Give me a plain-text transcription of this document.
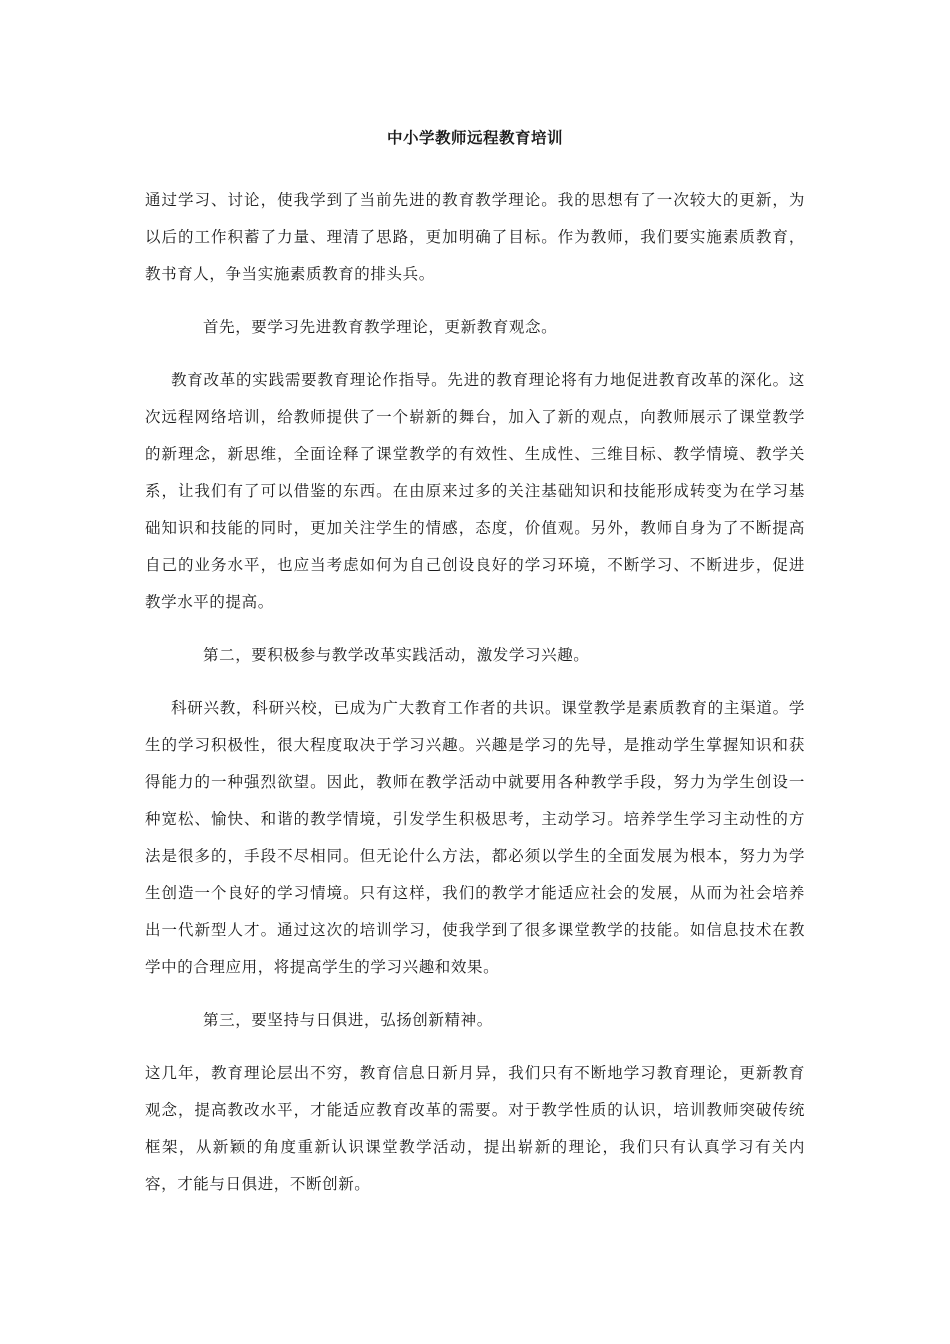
中小学教师远程教育培训

通过学习、讨论，使我学到了当前先进的教育教学理论。我的思想有了一次较大的更新，为以后的工作积蓄了力量、理清了思路，更加明确了目标。作为教师，我们要实施素质教育，教书育人，争当实施素质教育的排头兵。

首先，要学习先进教育教学理论，更新教育观念。

教育改革的实践需要教育理论作指导。先进的教育理论将有力地促进教育改革的深化。这次远程网络培训，给教师提供了一个崭新的舞台，加入了新的观点，向教师展示了课堂教学的新理念，新思维，全面诠释了课堂教学的有效性、生成性、三维目标、教学情境、教学关系，让我们有了可以借鉴的东西。在由原来过多的关注基础知识和技能形成转变为在学习基础知识和技能的同时，更加关注学生的情感，态度，价值观。另外，教师自身为了不断提高自己的业务水平，也应当考虑如何为自己创设良好的学习环境，不断学习、不断进步，促进教学水平的提高。

第二，要积极参与教学改革实践活动，激发学习兴趣。

科研兴教，科研兴校，已成为广大教育工作者的共识。课堂教学是素质教育的主渠道。学生的学习积极性，很大程度取决于学习兴趣。兴趣是学习的先导，是推动学生掌握知识和获得能力的一种强烈欲望。因此，教师在教学活动中就要用各种教学手段，努力为学生创设一种宽松、愉快、和谐的教学情境，引发学生积极思考，主动学习。培养学生学习主动性的方法是很多的，手段不尽相同。但无论什么方法，都必须以学生的全面发展为根本，努力为学生创造一个良好的学习情境。只有这样，我们的教学才能适应社会的发展，从而为社会培养出一代新型人才。通过这次的培训学习，使我学到了很多课堂教学的技能。如信息技术在教学中的合理应用，将提高学生的学习兴趣和效果。

第三，要坚持与日俱进，弘扬创新精神。

这几年，教育理论层出不穷，教育信息日新月异，我们只有不断地学习教育理论，更新教育观念，提高教改水平，才能适应教育改革的需要。对于教学性质的认识，培训教师突破传统框架，从新颖的角度重新认识课堂教学活动，提出崭新的理论，我们只有认真学习有关内容，才能与日俱进，不断创新。
